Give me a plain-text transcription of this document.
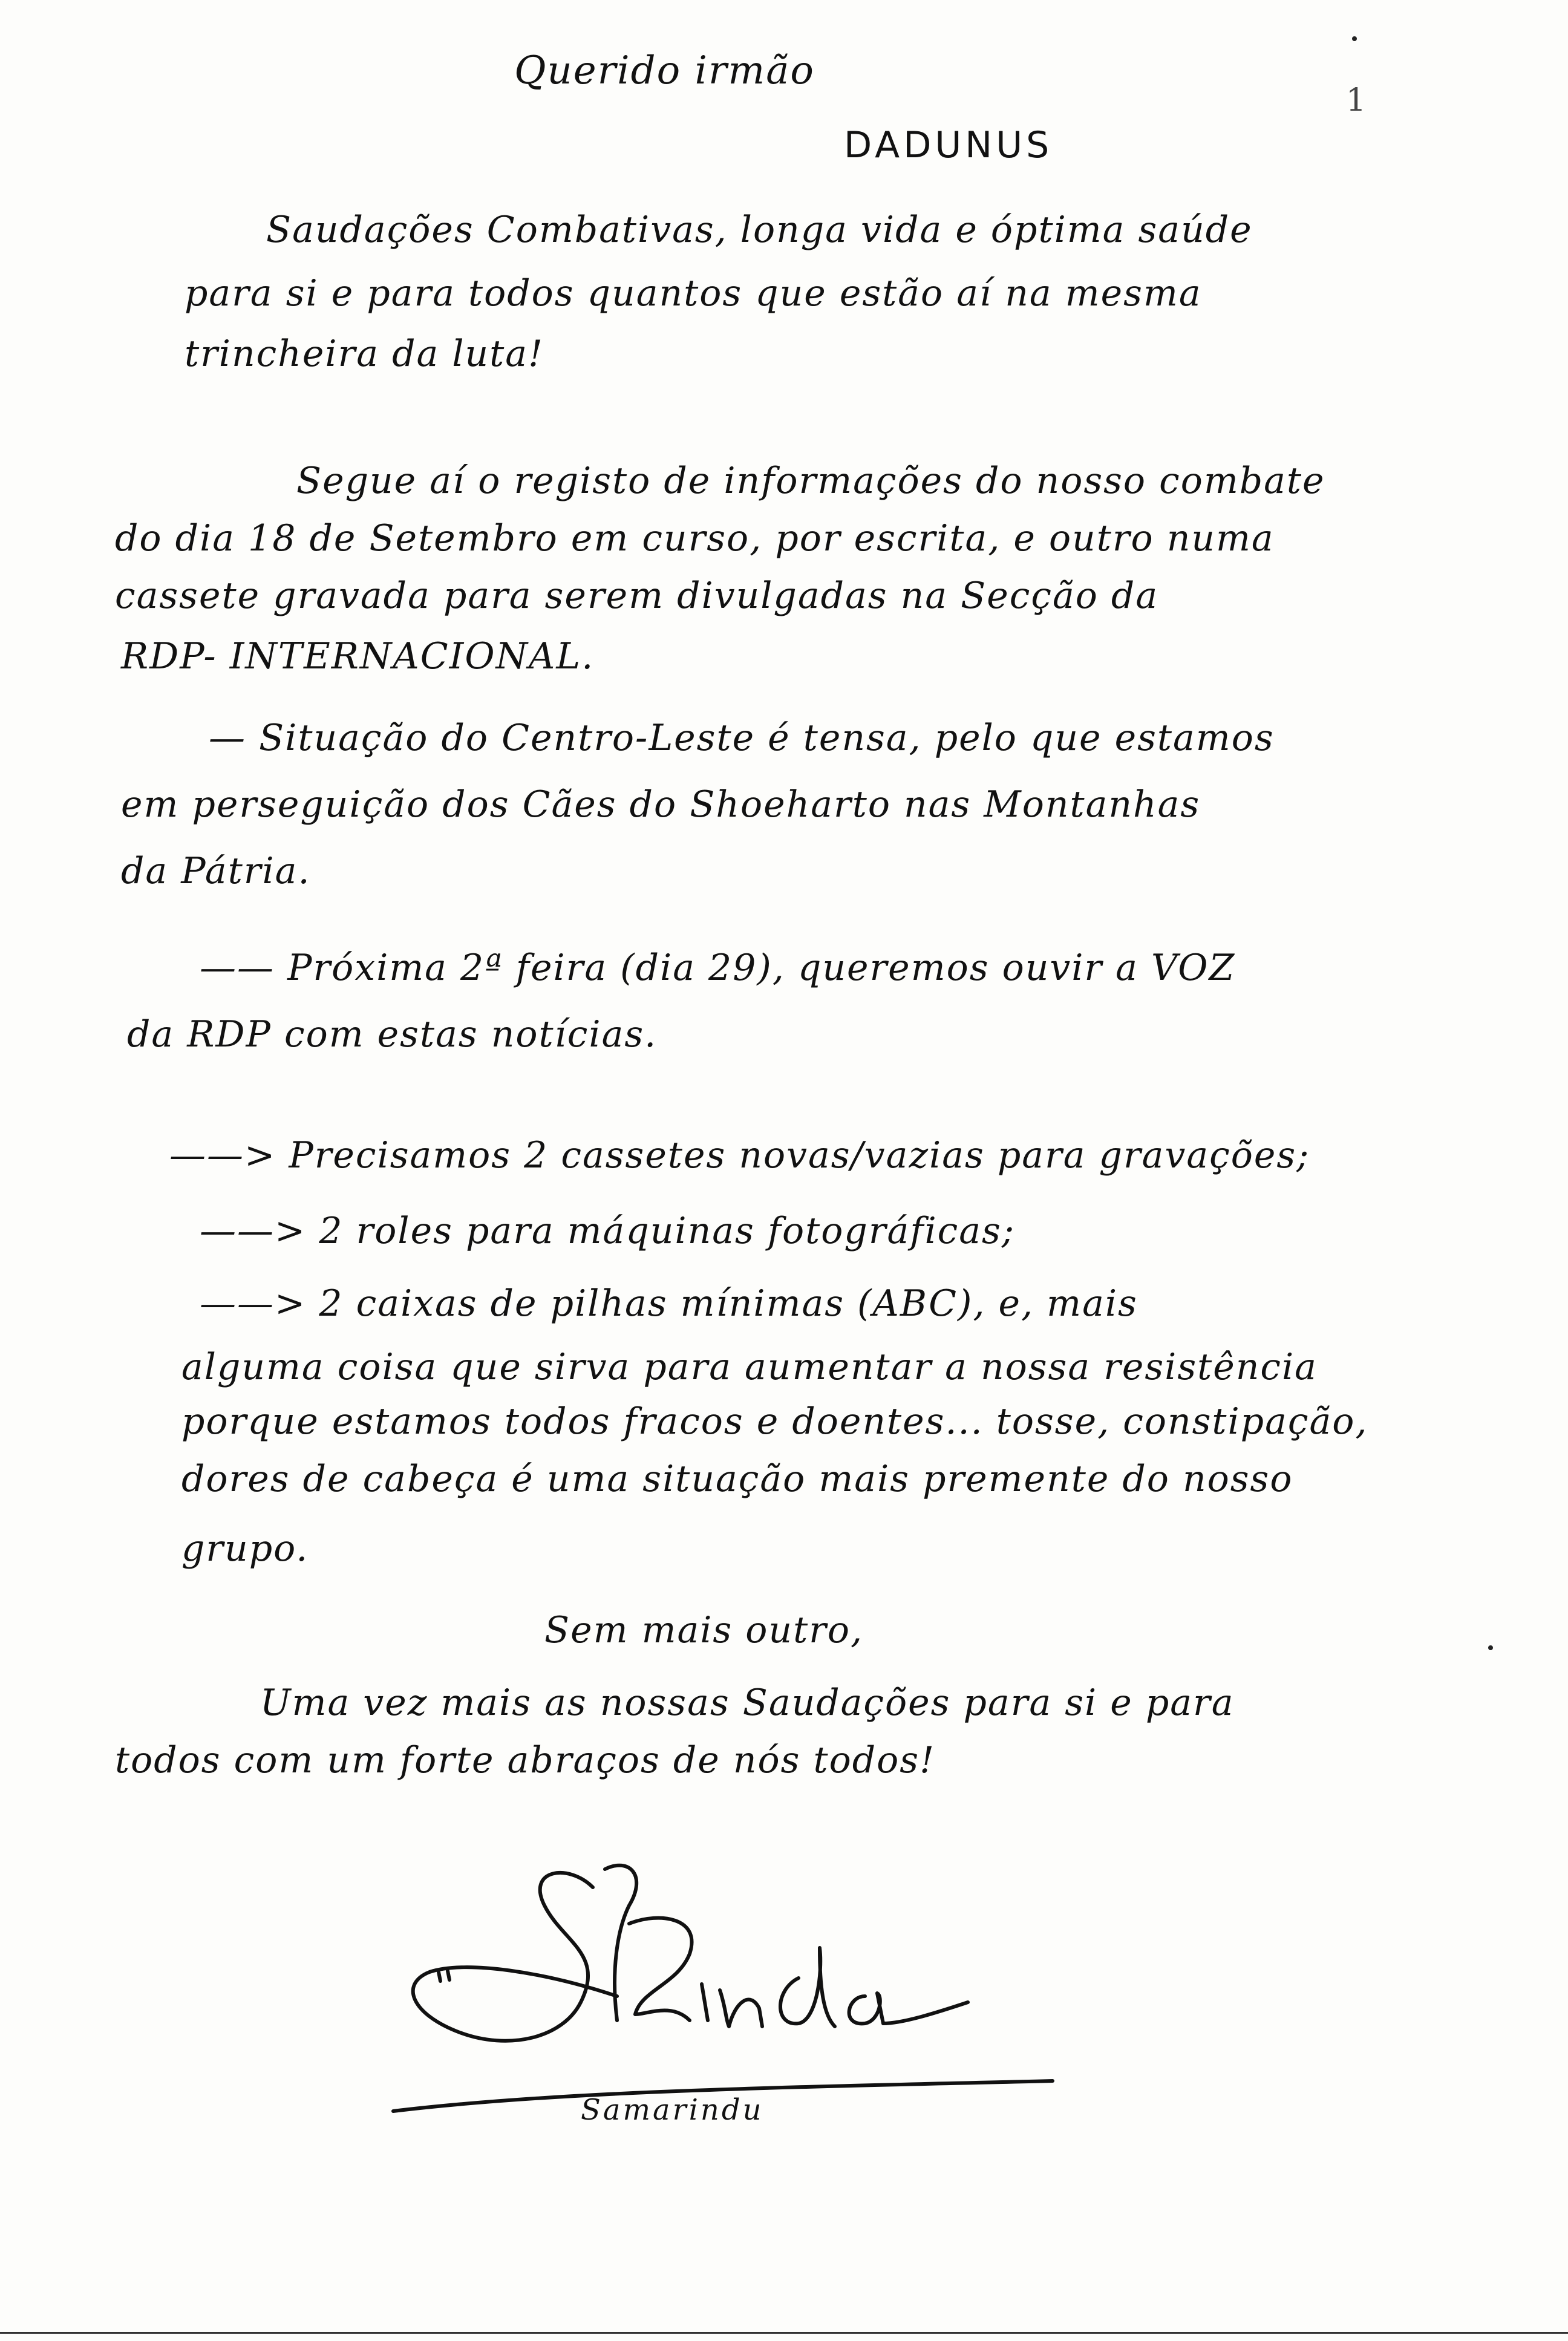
Querido irmão
1
DADUNUS
Saudações Combativas, longa vida e óptima saúde
para si e para todos quantos que estão aí na mesma
trincheira da luta!
Segue aí o registo de informações do nosso combate
do dia 18 de Setembro em curso, por escrita, e outro numa
cassete gravada para serem divulgadas na Secção da
RDP- INTERNACIONAL.
— Situação do Centro-Leste é tensa, pelo que estamos
em perseguição dos Cães do Shoeharto nas Montanhas
da Pátria.
—— Próxima 2ª feira (dia 29), queremos ouvir a VOZ
da RDP com estas notícias.
——> Precisamos 2 cassetes novas/vazias para gravações;
——> 2 roles para máquinas fotográficas;
——> 2 caixas de pilhas mínimas (ABC), e, mais
alguma coisa que sirva para aumentar a nossa resistência
porque estamos todos fracos e doentes... tosse, constipação,
dores de cabeça é uma situação mais premente do nosso
grupo.
Sem mais outro,
Uma vez mais as nossas Saudações para si e para
todos com um forte abraços de nós todos!
Samarindu
